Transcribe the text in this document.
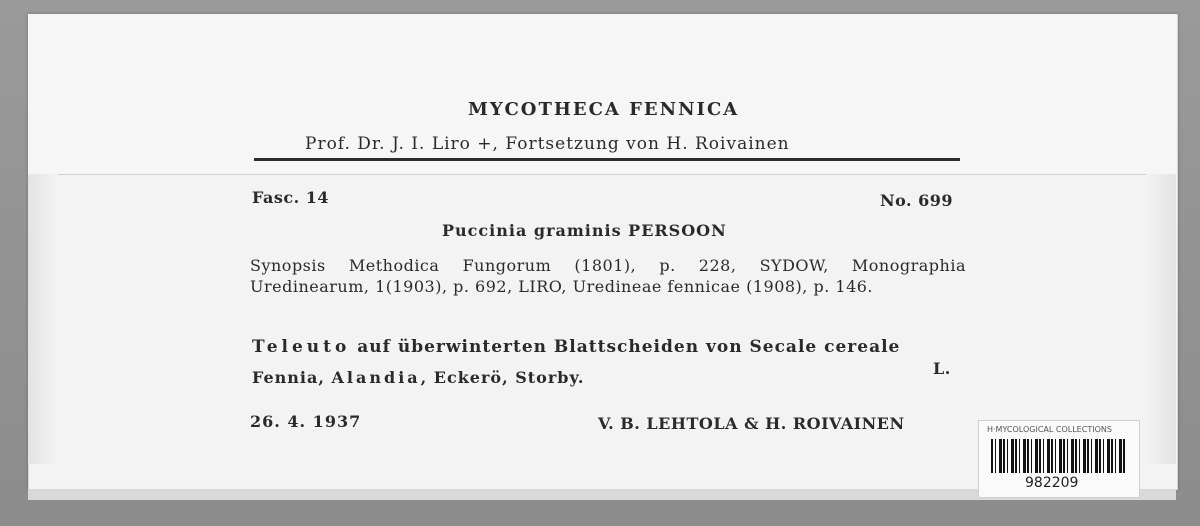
MYCOTHECA FENNICA
Prof. Dr. J. I. Liro +, Fortsetzung von H. Roivainen
Fasc. 14	No. 699
Puccinia graminis PERSOON
Synopsis Methodica Fungorum (1801), p. 228, SYDOW, Monographia Uredinearum, 1(1903), p. 692, LIRO, Uredineae fennicae (1908), p. 146.
Teleuto auf überwinterten Blattscheiden von Secale cereale
L.
Fennia, Alandia, Eckerö, Storby.
26. 4. 1937	V. B. LEHTOLA & H. ROIVAINEN	H·MYCOLOGICAL COLLECTIONS
982209
